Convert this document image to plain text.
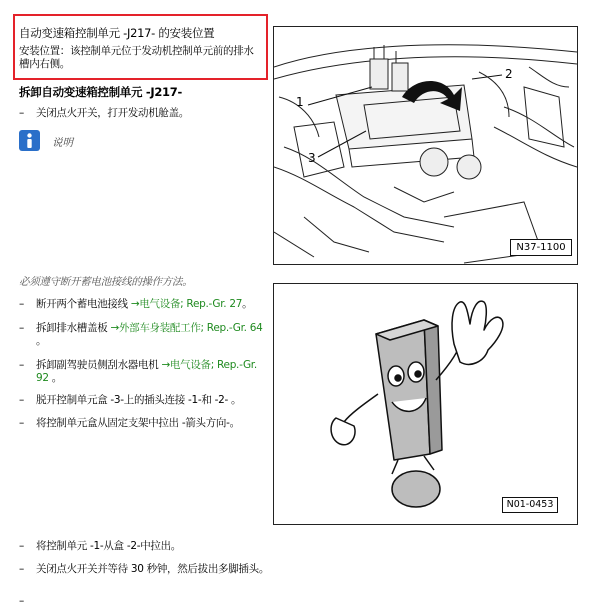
自动变速箱控制单元 -J217- 的安装位置
安装位置：该控制单元位于发动机控制单元前的排水槽内右侧。
拆卸自动变速箱控制单元 -J217-
– 关闭点火开关，打开发动机舱盖。
说明
必须遵守断开蓄电池接线的操作方法。
– 断开两个蓄电池接线 →电气设备; Rep.-Gr. 27。
– 拆卸排水槽盖板 →外部车身装配工作; Rep.-Gr. 64 。
– 拆卸副驾驶员侧刮水器电机 →电气设备; Rep.-Gr. 92 。
– 脱开控制单元盒 -3-上的插头连接 -1-和 -2- 。
– 将控制单元盒从固定支架中拉出 -箭头方向-。
– 将控制单元 -1-从盒 -2-中拉出。
– 关闭点火开关并等待 30 秒钟，然后拔出多脚插头。
–
1
2
3
N37-1100
N01-0453
